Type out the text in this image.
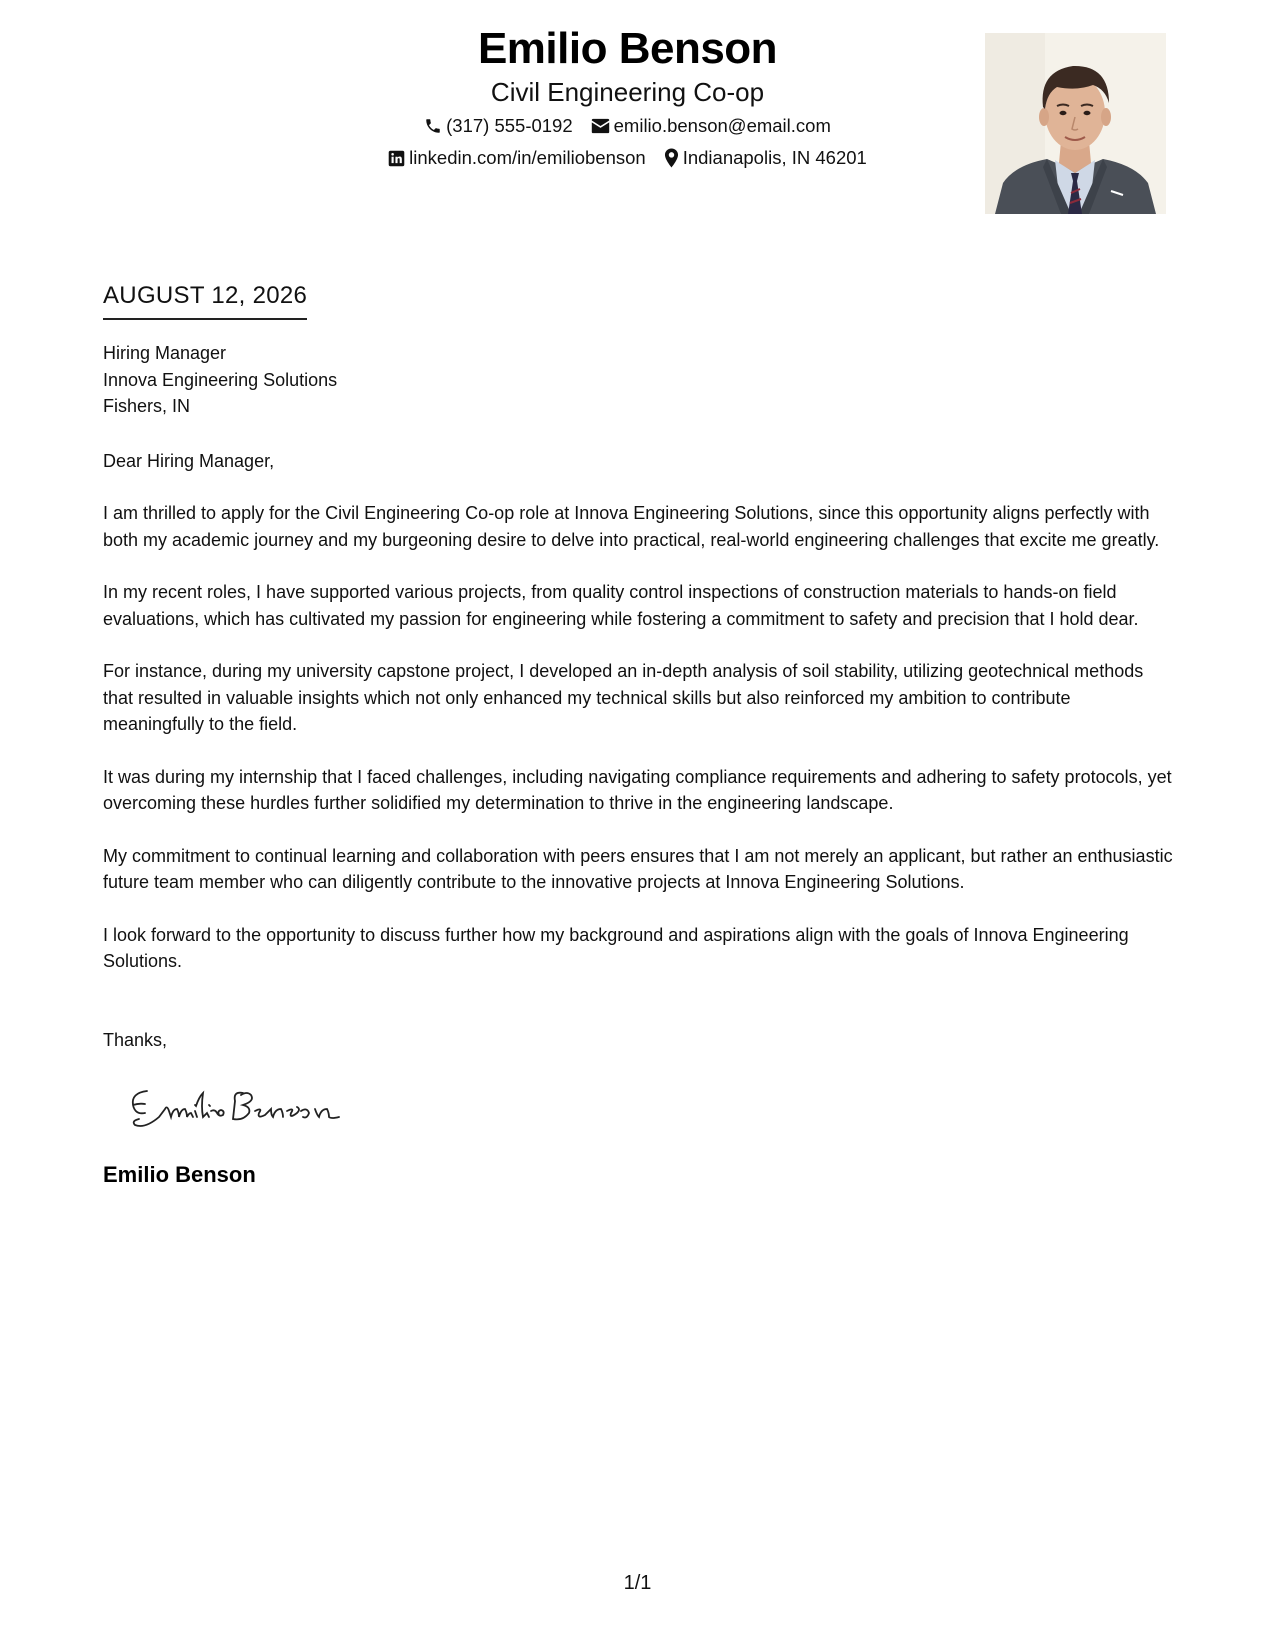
Emilio Benson
Civil Engineering Co-op
(317) 555-0192 emilio.benson@email.com
linkedin.com/in/emiliobenson Indianapolis, IN 46201
AUGUST 12, 2026
Hiring Manager
Innova Engineering Solutions
Fishers, IN
Dear Hiring Manager,
I am thrilled to apply for the Civil Engineering Co-op role at Innova Engineering Solutions, since this opportunity aligns perfectly with both my academic journey and my burgeoning desire to delve into practical, real-world engineering challenges that excite me greatly.
In my recent roles, I have supported various projects, from quality control inspections of construction materials to hands-on field evaluations, which has cultivated my passion for engineering while fostering a commitment to safety and precision that I hold dear.
For instance, during my university capstone project, I developed an in-depth analysis of soil stability, utilizing geotechnical methods that resulted in valuable insights which not only enhanced my technical skills but also reinforced my ambition to contribute meaningfully to the field.
It was during my internship that I faced challenges, including navigating compliance requirements and adhering to safety protocols, yet overcoming these hurdles further solidified my determination to thrive in the engineering landscape.
My commitment to continual learning and collaboration with peers ensures that I am not merely an applicant, but rather an enthusiastic future team member who can diligently contribute to the innovative projects at Innova Engineering Solutions.
I look forward to the opportunity to discuss further how my background and aspirations align with the goals of Innova Engineering Solutions.
Thanks,
Emilio Benson
1/1
